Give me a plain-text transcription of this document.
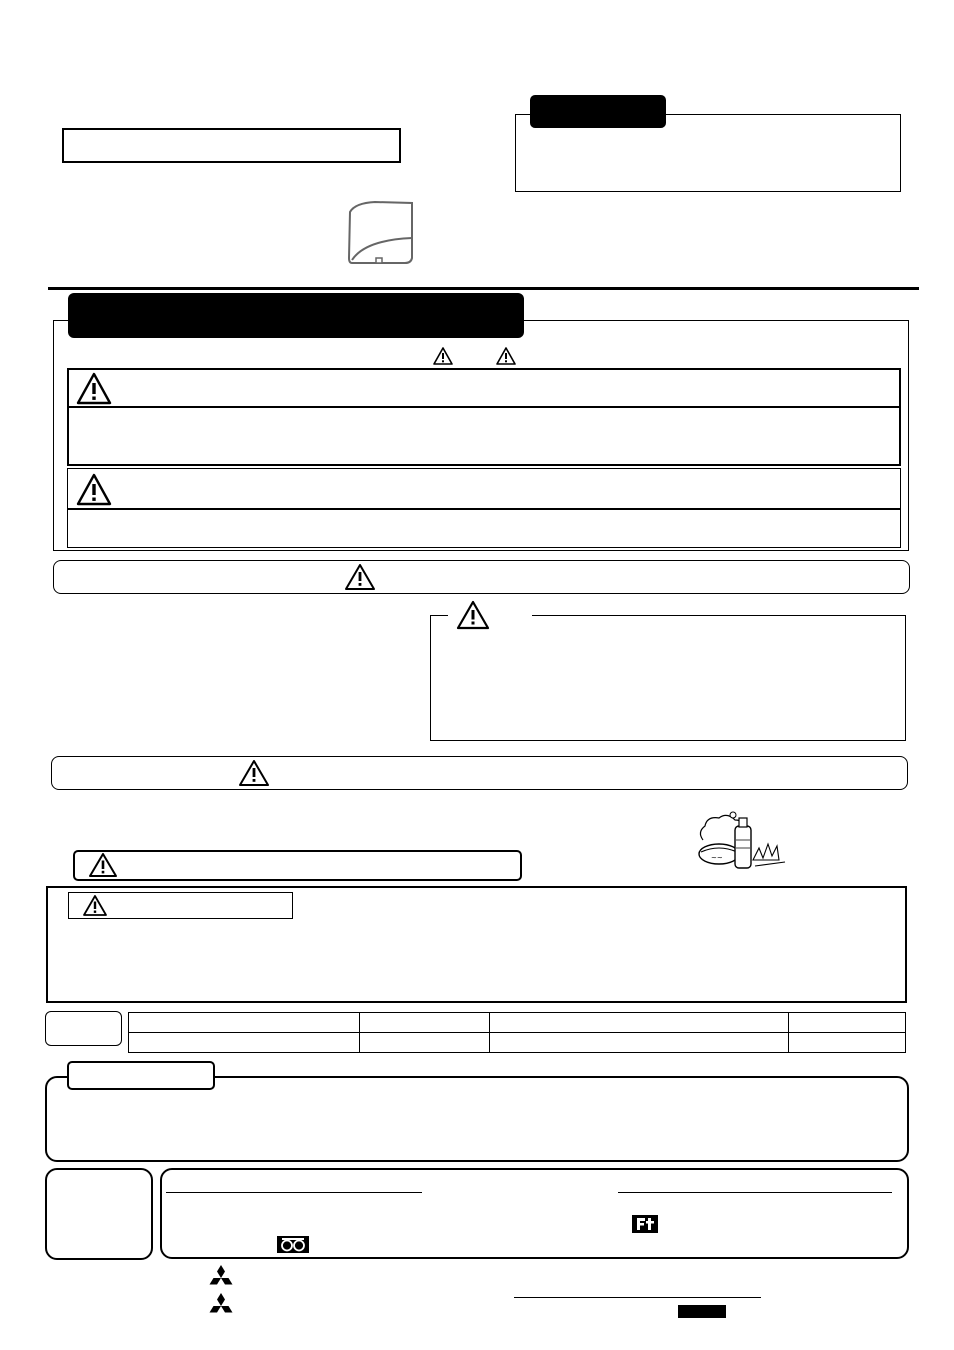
~~
